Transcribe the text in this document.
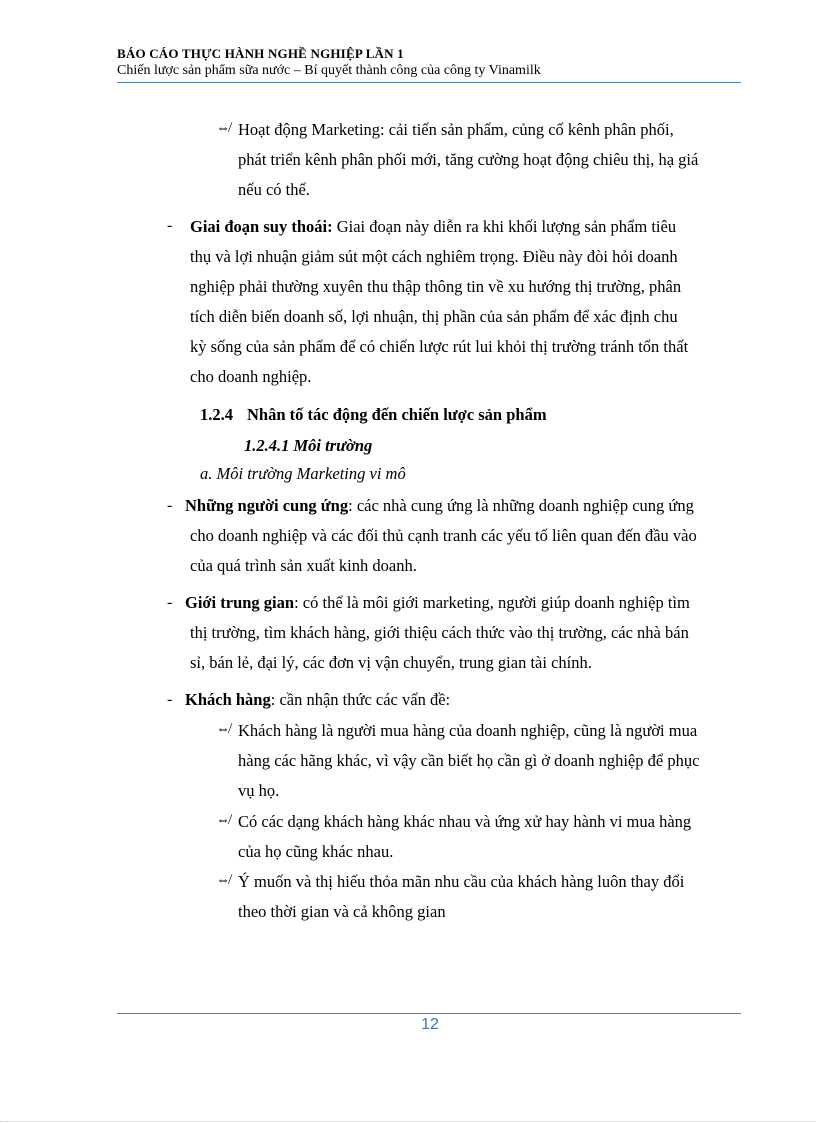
BÁO CÁO THỰC HÀNH NGHỀ NGHIỆP LẦN 1
Chiến lược sản phẩm sữa nước – Bí quyết thành công của công ty Vinamilk
⇎ Hoạt động Marketing: cải tiến sản phẩm, củng cố kênh phân phối,
phát triển kênh phân phối mới, tăng cường hoạt động chiêu thị, hạ giá
nếu có thể.
- Giai đoạn suy thoái: Giai đoạn này diễn ra khi khối lượng sản phẩm tiêu
thụ và lợi nhuận giảm sút một cách nghiêm trọng. Điều này đòi hỏi doanh
nghiệp phải thường xuyên thu thập thông tin về xu hướng thị trường, phân
tích diễn biến doanh số, lợi nhuận, thị phần của sản phẩm để xác định chu
kỳ sống của sản phẩm để có chiến lược rút lui khỏi thị trường tránh tổn thất
cho doanh nghiệp.
1.2.4 Nhân tố tác động đến chiến lược sản phẩm
1.2.4.1 Môi trường
a. Môi trường Marketing vi mô
- Những người cung ứng: các nhà cung ứng là những doanh nghiệp cung ứng
cho doanh nghiệp và các đối thủ cạnh tranh các yếu tố liên quan đến đầu vào
của quá trình sản xuất kinh doanh.
- Giới trung gian: có thể là môi giới marketing, người giúp doanh nghiệp tìm
thị trường, tìm khách hàng, giới thiệu cách thức vào thị trường, các nhà bán
sỉ, bán lẻ, đại lý, các đơn vị vận chuyển, trung gian tài chính.
- Khách hàng: cần nhận thức các vấn đề:
⇎ Khách hàng là người mua hàng của doanh nghiệp, cũng là người mua
hàng các hãng khác, vì vậy cần biết họ cần gì ở doanh nghiệp để phục
vụ họ.
⇎ Có các dạng khách hàng khác nhau và ứng xử hay hành vi mua hàng
của họ cũng khác nhau.
⇎ Ý muốn và thị hiếu thỏa mãn nhu cầu của khách hàng luôn thay đổi
theo thời gian và cả không gian
12
